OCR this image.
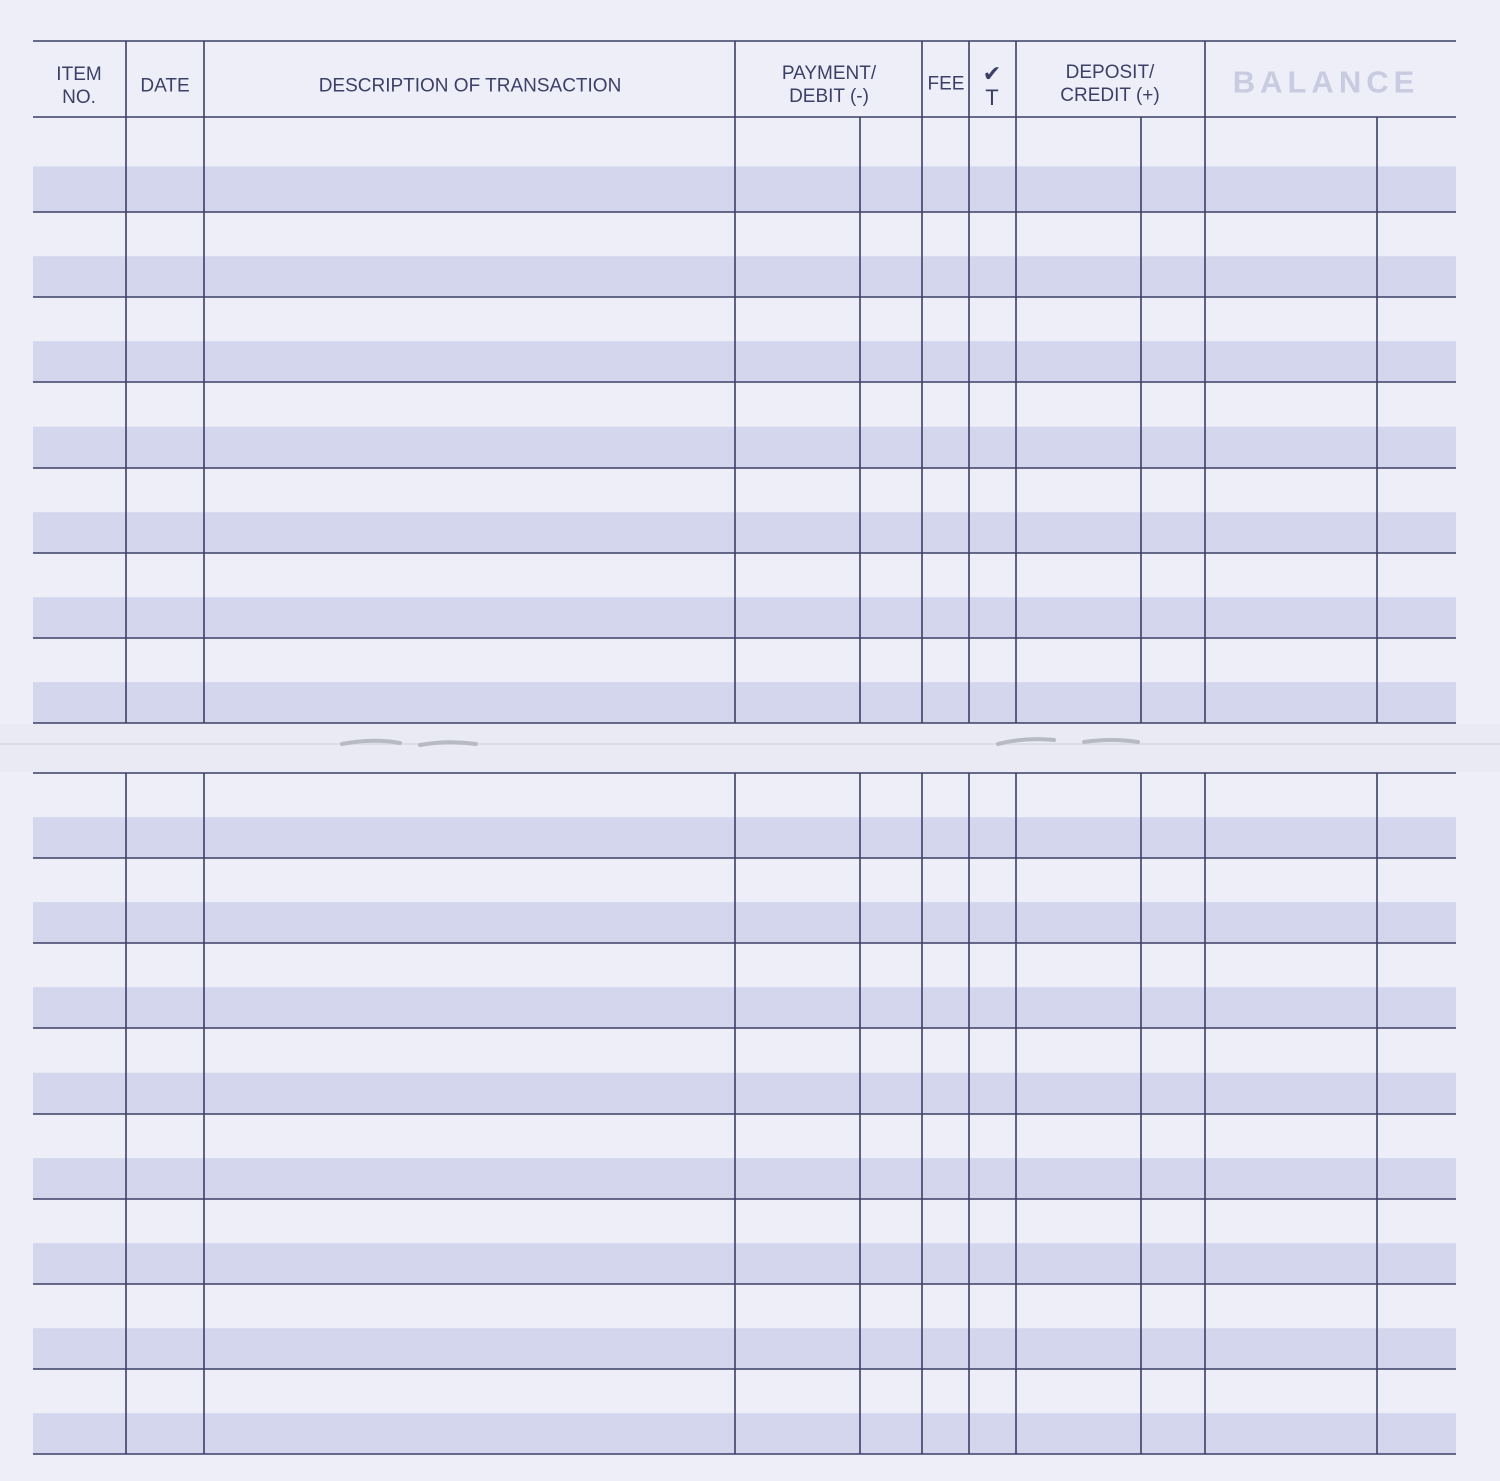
ITEM
NO.
DATE	DESCRIPTION OF TRANSACTION
PAYMENT/
DEBIT (-)
FEE ✔
T
DEPOSIT/
CREDIT (+) BALANCE
